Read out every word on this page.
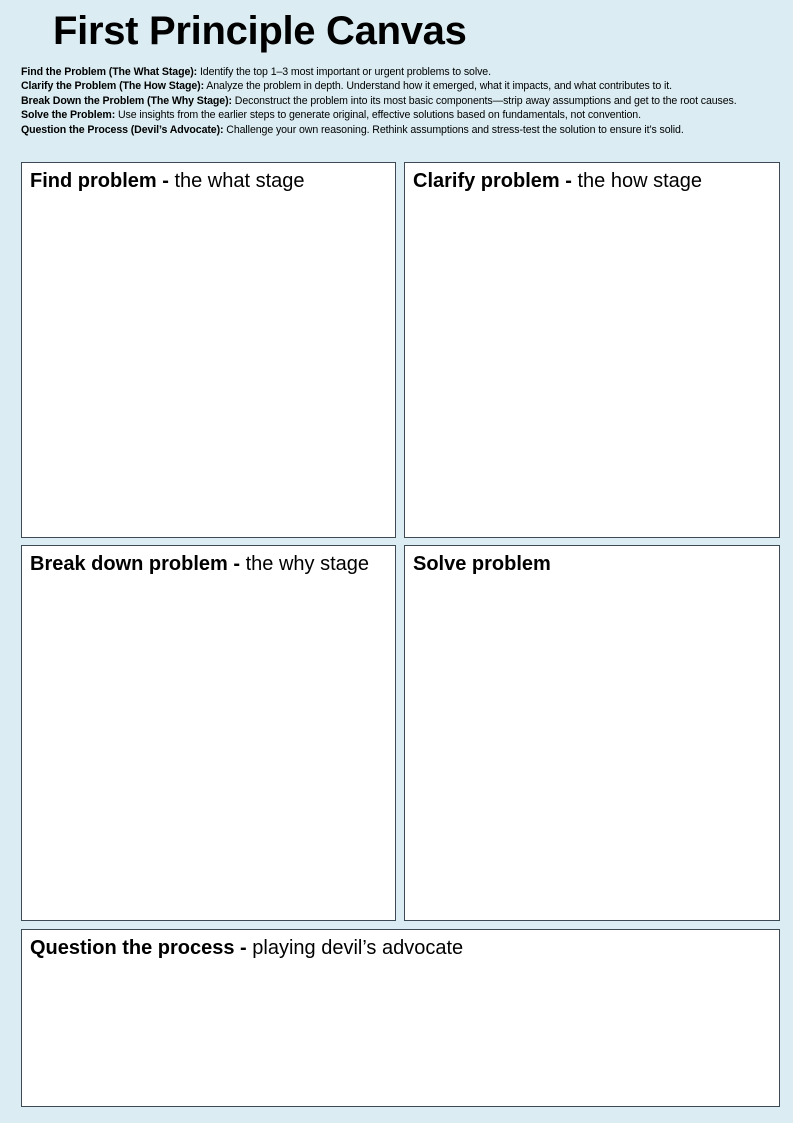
First Principle Canvas

Find the Problem (The What Stage): Identify the top 1–3 most important or urgent problems to solve.

Clarify the Problem (The How Stage): Analyze the problem in depth. Understand how it emerged, what it impacts, and what contributes to it.

Break Down the Problem (The Why Stage): Deconstruct the problem into its most basic components—strip away assumptions and get to the root causes.

Solve the Problem: Use insights from the earlier steps to generate original, effective solutions based on fundamentals, not convention.

Question the Process (Devil’s Advocate): Challenge your own reasoning. Rethink assumptions and stress-test the solution to ensure it’s solid.

Find problem - the what stage	Clarify problem - the how stage
Break down problem - the why stage Solve problem
Question the process - playing devil’s advocate
